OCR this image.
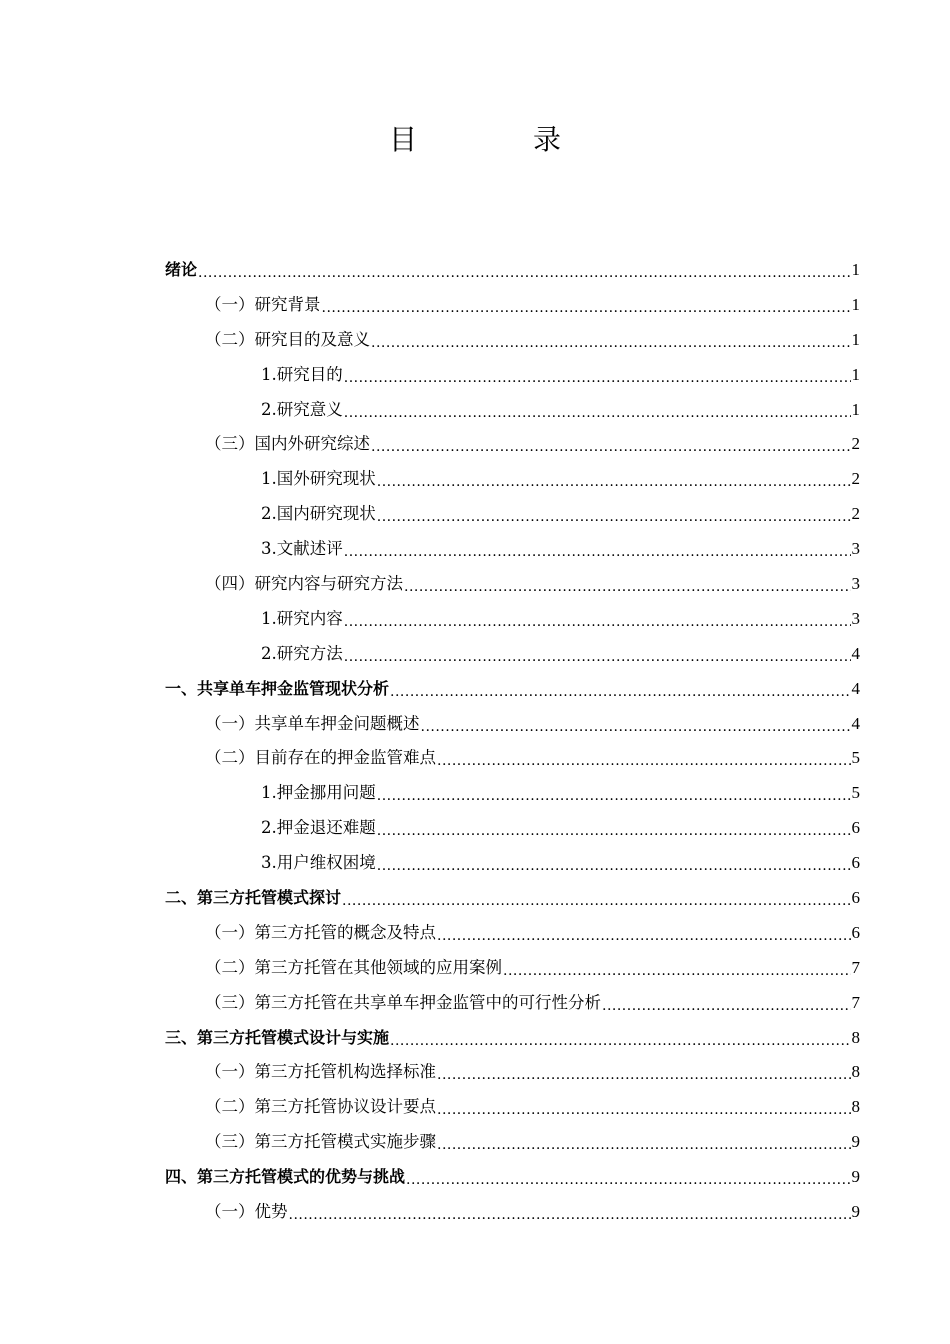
目　录
绪论 .....	1
（一）研究背景 .....	1
（二）研究目的及意义 .....	1
1.研究目的 .....	1
2.研究意义 .....	1
（三）国内外研究综述 .....	2
1.国外研究现状 .....	2
2.国内研究现状 .....	2
3.文献述评 .....	3
（四）研究内容与研究方法 .....	3
1.研究内容 .....	3
2.研究方法 .....	4
一、共享单车押金监管现状分析 .....	4
（一）共享单车押金问题概述 .....	4
（二）目前存在的押金监管难点 .....	5
1.押金挪用问题 .....	5
2.押金退还难题 .....	6
3.用户维权困境 .....	6
二、第三方托管模式探讨 .....	6
（一）第三方托管的概念及特点 .....	6
（二）第三方托管在其他领域的应用案例 .....	7
（三）第三方托管在共享单车押金监管中的可行性分析 .....	7
三、第三方托管模式设计与实施 .....	8
（一）第三方托管机构选择标准 .....	8
（二）第三方托管协议设计要点 .....	8
（三）第三方托管模式实施步骤 .....	9
四、第三方托管模式的优势与挑战 .....	9
（一）优势 .....	9
